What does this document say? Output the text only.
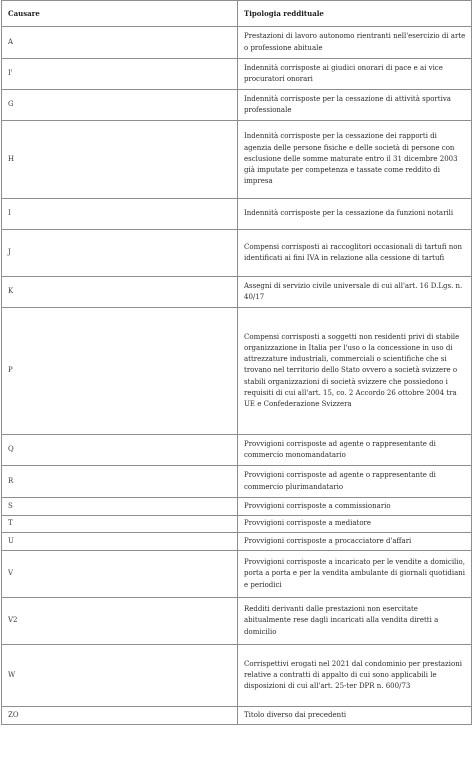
Causare	Tipologia reddituale
A	Prestazioni di lavoro autonomo rientranti nell'esercizio di arte o professione abituale
I'	Indennità corrisposte ai giudici onorari di pace e ai vice procuratori onorari
G	Indennità corrisposte per la cessazione di attività sportiva professionale
H	Indennità corrisposte per la cessazione dei rapporti di agenzia delle persone fisiche e delle società di persone con esclusione delle somme maturate entro il 31 dicembre 2003 già imputate per competenza e tassate come reddito di impresa
I	Indennità corrisposte per la cessazione da funzioni notarili
J	Compensi corrisposti ai raccoglitori occasionali di tartufi non identificati ai fini IVA in relazione alla cessione di tartufi
K	Assegni di servizio civile universale di cui all'art. 16 D.Lgs. n. 40/17
P	Compensi corrisposti a soggetti non residenti privi di stabile organizzazione in Italia per l'uso o la concessione in uso di attrezzature industriali, commerciali o scientifiche che si trovano nel territorio dello Stato ovvero a società svizzere o stabili organizzazioni di società svizzere che possiedono i requisiti di cui all'art. 15, co. 2 Accordo 26 ottobre 2004 tra UE e Confederazione Svizzera
Q	Provvigioni corrisposte ad agente o rappresentante di commercio monomandatario
R	Provvigioni corrisposte ad agente o rappresentante di commercio plurimandatario
S	Provvigioni corrisposte a commissionario
T	Provvigioni corrisposte a mediatore
U	Provvigioni corrisposte a procacciatore d'affari
V	Provvigioni corrisposte a incaricato per le vendite a domicilio, porta a porta e per la vendita ambulante di giornali quotidiani e periodici
V2	Redditi derivanti dalle prestazioni non esercitate abitualmente rese dagli incaricati alla vendita diretti a domicilio
W	Corrispettivi erogati nel 2021 dal condominio per prestazioni relative a contratti di appalto di cui sono applicabili le disposizioni di cui all'art. 25-ter DPR n. 600/73
ZO	Titolo diverso dai precedenti
